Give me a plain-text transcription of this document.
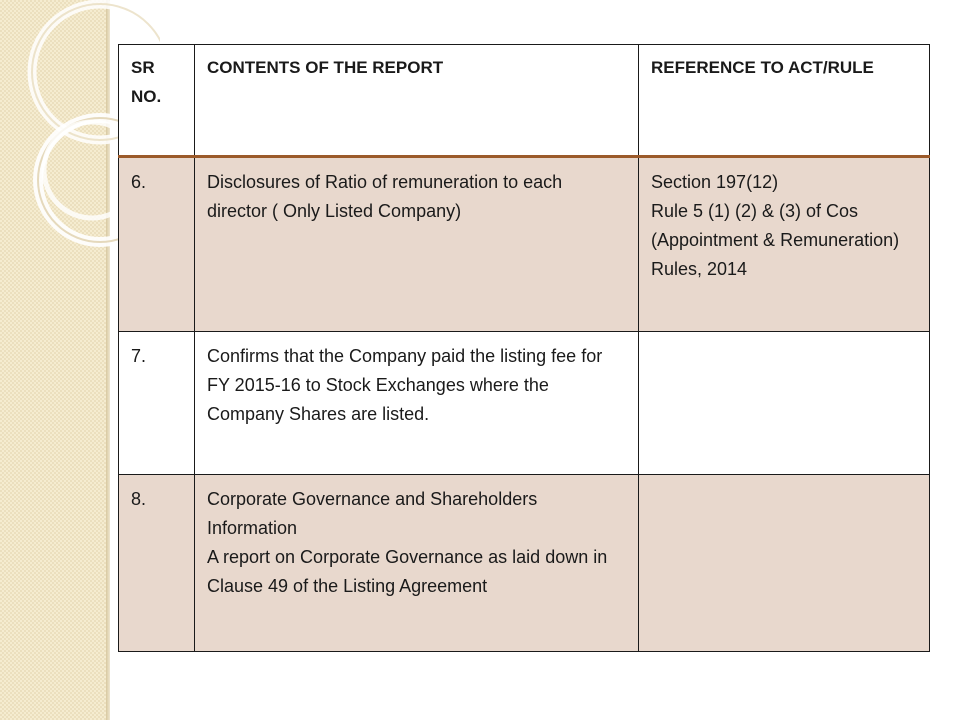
SR NO.	CONTENTS OF THE REPORT	REFERENCE TO ACT/RULE
6.	Disclosures of Ratio of remuneration to each director ( Only Listed Company)	Section 197(12)
Rule 5 (1) (2) & (3) of Cos (Appointment & Remuneration) Rules, 2014

7.	Confirms that the Company paid the listing fee for FY 2015-16 to Stock Exchanges where the Company Shares are listed.	

8.	Corporate Governance and Shareholders Information
A report on Corporate Governance as laid down in Clause 49 of the Listing Agreement	
